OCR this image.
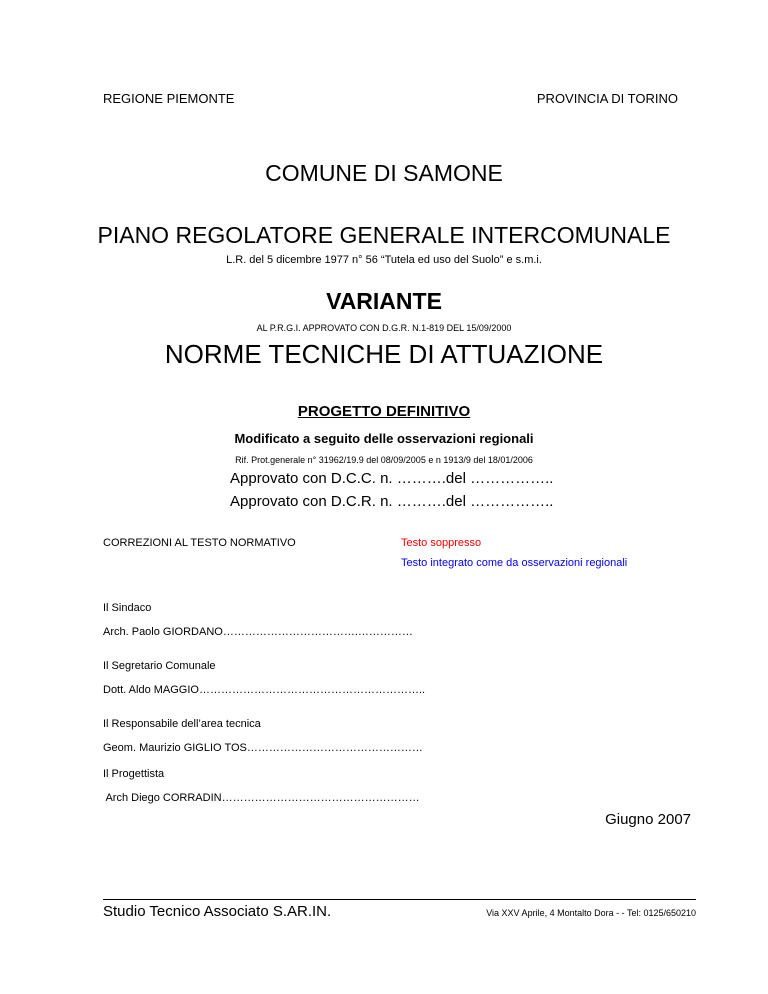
REGIONE PIEMONTE	PROVINCIA DI TORINO
COMUNE DI SAMONE
PIANO REGOLATORE GENERALE INTERCOMUNALE
L.R. del 5 dicembre 1977 n° 56 “Tutela ed uso del Suolo” e s.m.i.
VARIANTE
AL P.R.G.I. APPROVATO CON D.G.R. N.1-819 DEL 15/09/2000
NORME TECNICHE DI ATTUAZIONE
PROGETTO DEFINITIVO
Modificato a seguito delle osservazioni regionali
Rif. Prot.generale n° 31962/19.9 del 08/09/2005 e n 1913/9 del 18/01/2006
Approvato con D.C.C. n. ……….del ……………..
Approvato con D.C.R. n. ……….del ……………..
CORREZIONI AL TESTO NORMATIVO	Testo soppresso
Testo integrato come da osservazioni regionali
Il Sindaco
Arch. Paolo GIORDANO……………………………….……………
Il Segretario Comunale
Dott. Aldo MAGGIO……………………………………………………..
Il Responsabile dell’area tecnica
Geom. Maurizio GIGLIO TOS…………………………………………
Il Progettista
Arch Diego CORRADIN………………………………………………
Giugno 2007
Studio Tecnico Associato S.AR.IN.	Via XXV Aprile, 4 Montalto Dora - - Tel: 0125/650210
